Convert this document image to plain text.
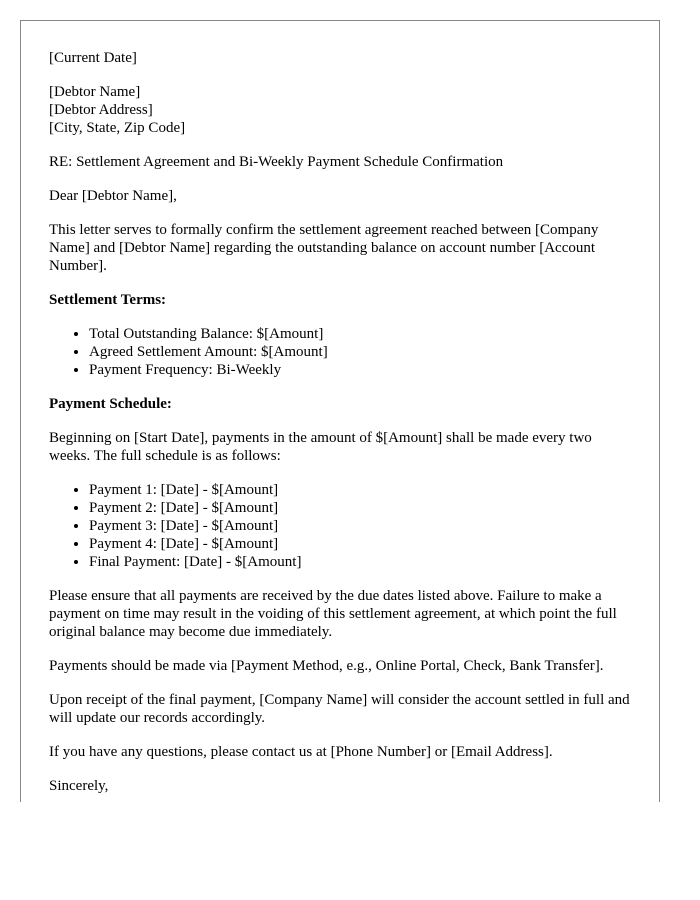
[Current Date]

[Debtor Name]

[Debtor Address]

[City, State, Zip Code]

RE: Settlement Agreement and Bi-Weekly Payment Schedule Confirmation

Dear [Debtor Name],

This letter serves to formally confirm the settlement agreement reached between [Company Name] and [Debtor Name] regarding the outstanding balance on account number [Account Number].

Settlement Terms:

• Total Outstanding Balance: $[Amount]
• Agreed Settlement Amount: $[Amount]
• Payment Frequency: Bi-Weekly

Payment Schedule:

Beginning on [Start Date], payments in the amount of $[Amount] shall be made every two weeks. The full schedule is as follows:

• Payment 1: [Date] - $[Amount]
• Payment 2: [Date] - $[Amount]
• Payment 3: [Date] - $[Amount]
• Payment 4: [Date] - $[Amount]
• Final Payment: [Date] - $[Amount]

Please ensure that all payments are received by the due dates listed above. Failure to make a payment on time may result in the voiding of this settlement agreement, at which point the full original balance may become due immediately.

Payments should be made via [Payment Method, e.g., Online Portal, Check, Bank Transfer].

Upon receipt of the final payment, [Company Name] will consider the account settled in full and will update our records accordingly.

If you have any questions, please contact us at [Phone Number] or [Email Address].

Sincerely,
